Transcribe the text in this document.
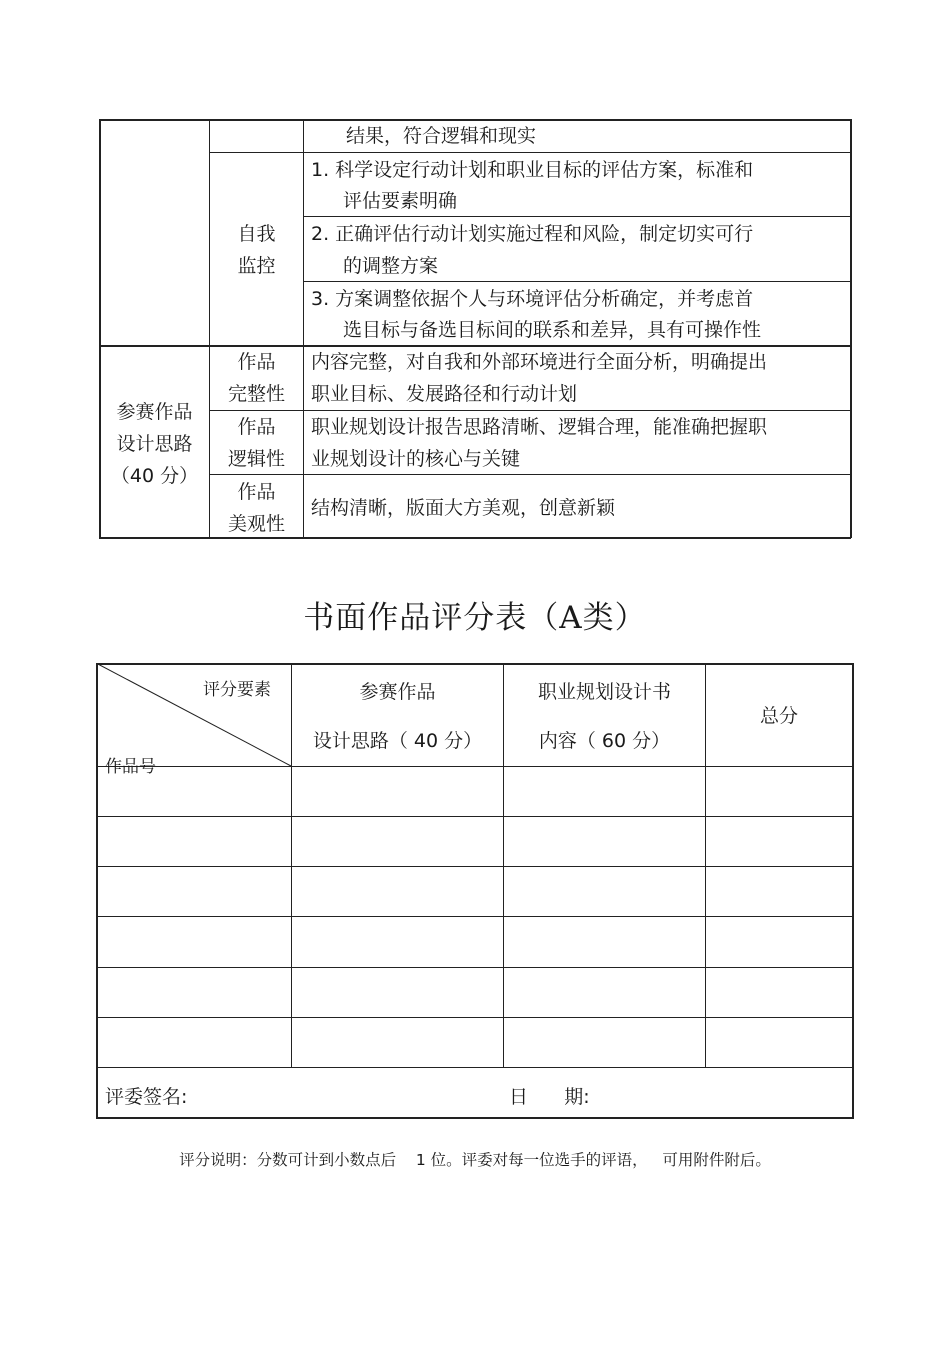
结果，符合逻辑和现实
自我
监控
1. 科学设定行动计划和职业目标的评估方案，标准和
评估要素明确
2. 正确评估行动计划实施过程和风险，制定切实可行
的调整方案
3. 方案调整依据个人与环境评估分析确定，并考虑首
选目标与备选目标间的联系和差异，具有可操作性
参赛作品
设计思路
（40 分）
作品
完整性
内容完整，对自我和外部环境进行全面分析，明确提出
职业目标、发展路径和行动计划
作品
逻辑性
职业规划设计报告思路清晰、逻辑合理，能准确把握职
业规划设计的核心与关键
作品
美观性
结构清晰，版面大方美观，创意新颖
书面作品评分表（A类）
评分要素
作品号
参赛作品
设计思路（ 40 分）
职业规划设计书
内容（ 60 分）
总分
评委签名:	日      期:
评分说明：分数可计到小数点后    1 位。评委对每一位选手的评语，   可用附件附后。
